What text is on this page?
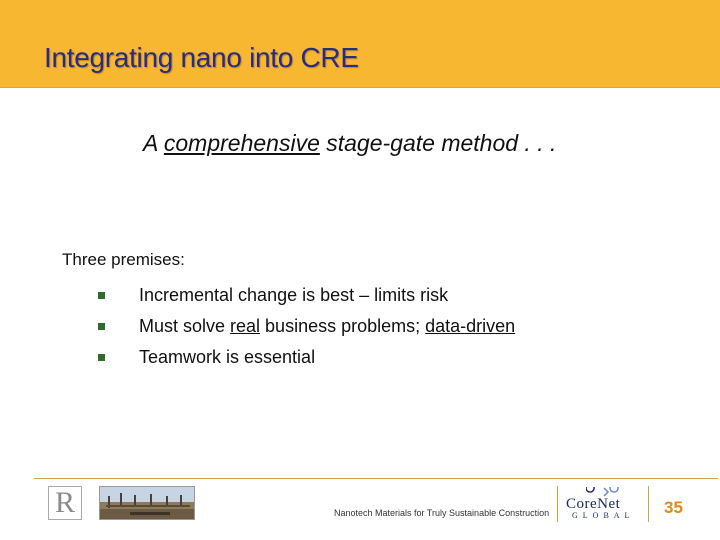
Integrating nano into CRE
A comprehensive stage-gate method . . .
Three premises:
Incremental change is best – limits risk
Must solve real business problems; data-driven
Teamwork is essential
R	Nanotech Materials for Truly Sustainable Construction
CoreNet
GLOBAL 35
